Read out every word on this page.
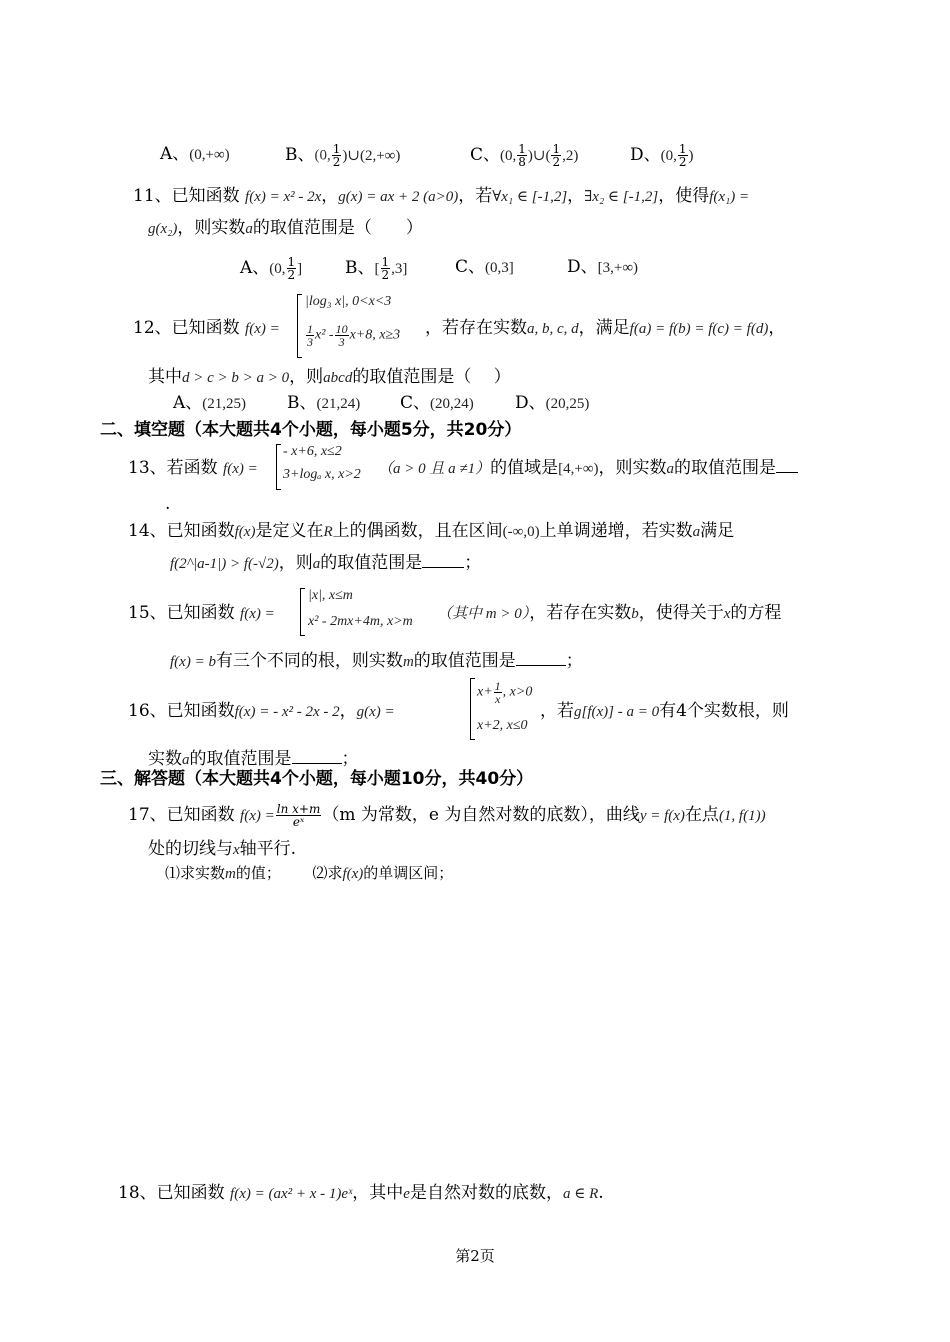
A、(0,+∞)	B、(0, $\frac{1}{2}$ )∪(2,+∞)	C、(0, $\frac{1}{8}$ )∪( $\frac{1}{2} ,2$)	D、(0, $\frac{1}{2}$ )
11、已知函数 f(x) = x² - 2x，g(x) = ax + 2 (a>0)，若∀x₁ ∈ [-1,2]，∃x₂ ∈ [-1,2]，使得f(x₁) =
g(x₂)，则实数a的取值范围是（　　）
A、(0, $\frac{1}{2}$ ]	B、[ $\frac{1}{2} ,3$]	C、(0,3]	D、[3,+∞)
12、已知函数 f(x) =
|log₃ x|, 0<x<3
$\frac{1}{3} x^2 - \frac{10}{3} x+8$, x≥3 ，若存在实数a, b, c, d，满足f(a) = f(b) = f(c) = f(d)，
其中d > c > b > a > 0，则abcd的取值范围是（　 ）
A、(21,25) B、(21,24) C、(20,24) D、(20,25)
二、填空题（本大题共4个小题，每小题5分，共20分）
13、若函数 f(x) =
- x+6, x≤2
3+logₐ x, x>2 （a > 0 且 a ≠1）的值域是[4,+∞)，则实数a的取值范围是
.
14、已知函数f(x)是定义在R上的偶函数，且在区间(-∞,0)上单调递增，若实数a满足
f(2^|a-1|) > f(-√2)，则a的取值范围是 ；
15、已知函数 f(x) =
|x|, x≤m
x² - 2mx+4m, x>m （其中 m > 0），若存在实数b，使得关于x的方程
f(x) = b有三个不同的根，则实数m的取值范围是	；
16、已知函数f(x) = - x² - 2x - 2，g(x) =
$x+ \frac{1}{x}$ , x>0
x+2, x≤0
，若g[f(x)] - a = 0有4个实数根，则
实数a的取值范围是	；
三、解答题（本大题共4个小题，每小题10分，共40分）
17、已知函数 $f(x) = \frac{\text{ln x+m}}{\text{eˣ}} (m$ 为常数，e 为自然对数的底数），曲线y = f(x)在点(1, f(1))
处的切线与x轴平行.
⑴求实数m的值； ⑵求f(x)的单调区间；
18、已知函数 f(x) = (ax² + x - 1)eˣ，其中e是自然对数的底数，a ∈ R.
第2页
